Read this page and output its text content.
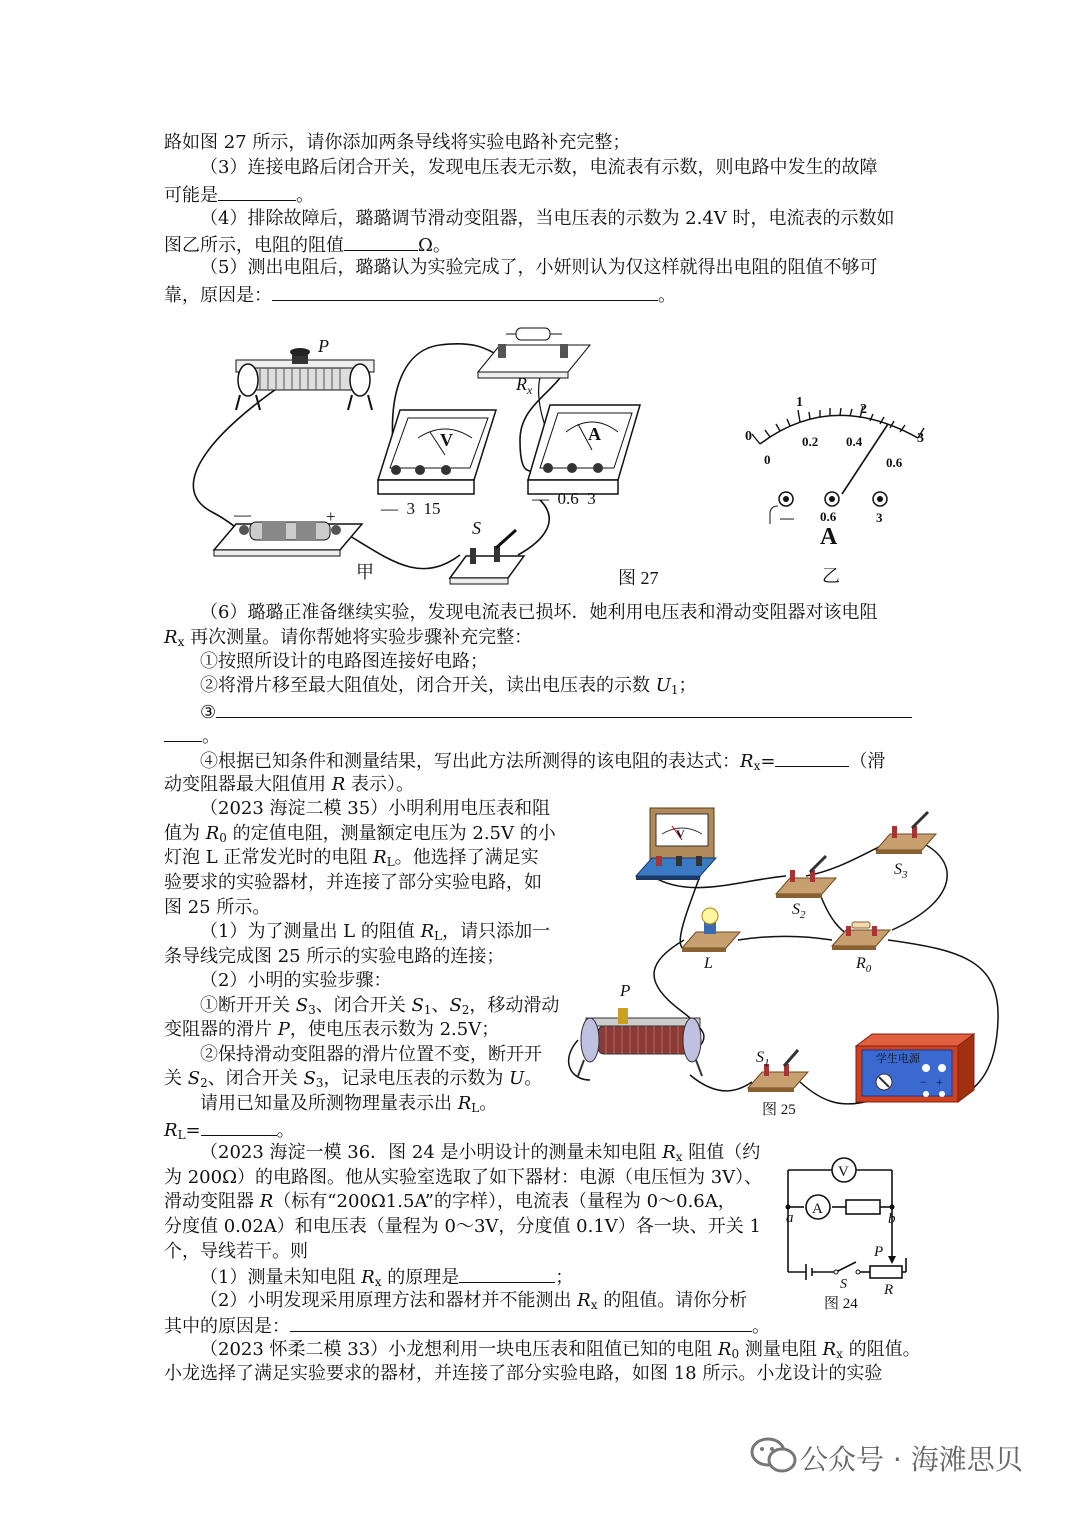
路如图 27 所示，请你添加两条导线将实验电路补充完整；
（3）连接电路后闭合开关，发现电压表无示数，电流表有示数，则电路中发生的故障
可能是	。
（4）排除故障后，璐璐调节滑动变阻器，当电压表的示数为 2.4V 时，电流表的示数如
图乙所示，电阻的阻值	Ω。
（5）测出电阻后，璐璐认为实验完成了，小妍则认为仅这样就得出电阻的阻值不够可
靠，原因是：	。
P
$R_x$
V	A
—  3  15
—  0.6  3
—	+
S
甲	图 27
0
1	2
3
0
0.2 0.4
0.6
— 0.6	3
A
乙
（6）璐璐正准备继续实验，发现电流表已损坏．她利用电压表和滑动变阻器对该电阻
$R_x$ 再次测量。请你帮她将实验步骤补充完整：
①按照所设计的电路图连接好电路；
②将滑片移至最大阻值处，闭合开关，读出电压表的示数 $U_1$；
③
。
④根据已知条件和测量结果，写出此方法所测得的该电阻的表达式：$R_x=$	（滑
动变阻器最大阻值用 R 表示）。
（2023 海淀二模 35）小明利用电压表和阻
值为 $R_0$ 的定值电阻，测量额定电压为 2.5V 的小
灯泡 L 正常发光时的电阻 $R_L$。他选择了满足实
验要求的实验器材，并连接了部分实验电路，如
图 25 所示。
（1）为了测量出 L 的阻值 $R_L$，请只添加一
条导线完成图 25 所示的实验电路的连接；
（2）小明的实验步骤：
①断开开关 $S_3$、闭合开关 $S_1$、$S_2$，移动滑动
变阻器的滑片 P，使电压表示数为 2.5V；
②保持滑动变阻器的滑片位置不变，断开开
关 $S_2$、闭合开关 $S_3$，记录电压表的示数为 U。
请用已知量及所测物理量表示出 $R_L$。
$R_L=$	。
V
− +
学生电源
$S_3$
$S_2$
L	$R_0$
P
$S_1$
图 25
（2023 海淀一模 36．图 24 是小明设计的测量未知电阻 $R_x$ 阻值（约
为 200Ω）的电路图。他从实验室选取了如下器材：电源（电压恒为 3V）、
滑动变阻器 R（标有“200Ω1.5A”的字样），电流表（量程为 0～0.6A，
分度值 0.02A）和电压表（量程为 0～3V，分度值 0.1V）各一块、开关 1
个，导线若干。则
（1）测量未知电阻 $R_x$ 的原理是	；
（2）小明发现采用原理方法和器材并不能测出 $R_x$ 的阻值。请你分析
其中的原因是：	。
V
A
a	b
P
S R
图 24
（2023 怀柔二模 33）小龙想利用一块电压表和阻值已知的电阻 $R_0$ 测量电阻 $R_x$ 的阻值。
小龙选择了满足实验要求的器材，并连接了部分实验电路，如图 18 所示。小龙设计的实验
公众号 · 海滩思贝
